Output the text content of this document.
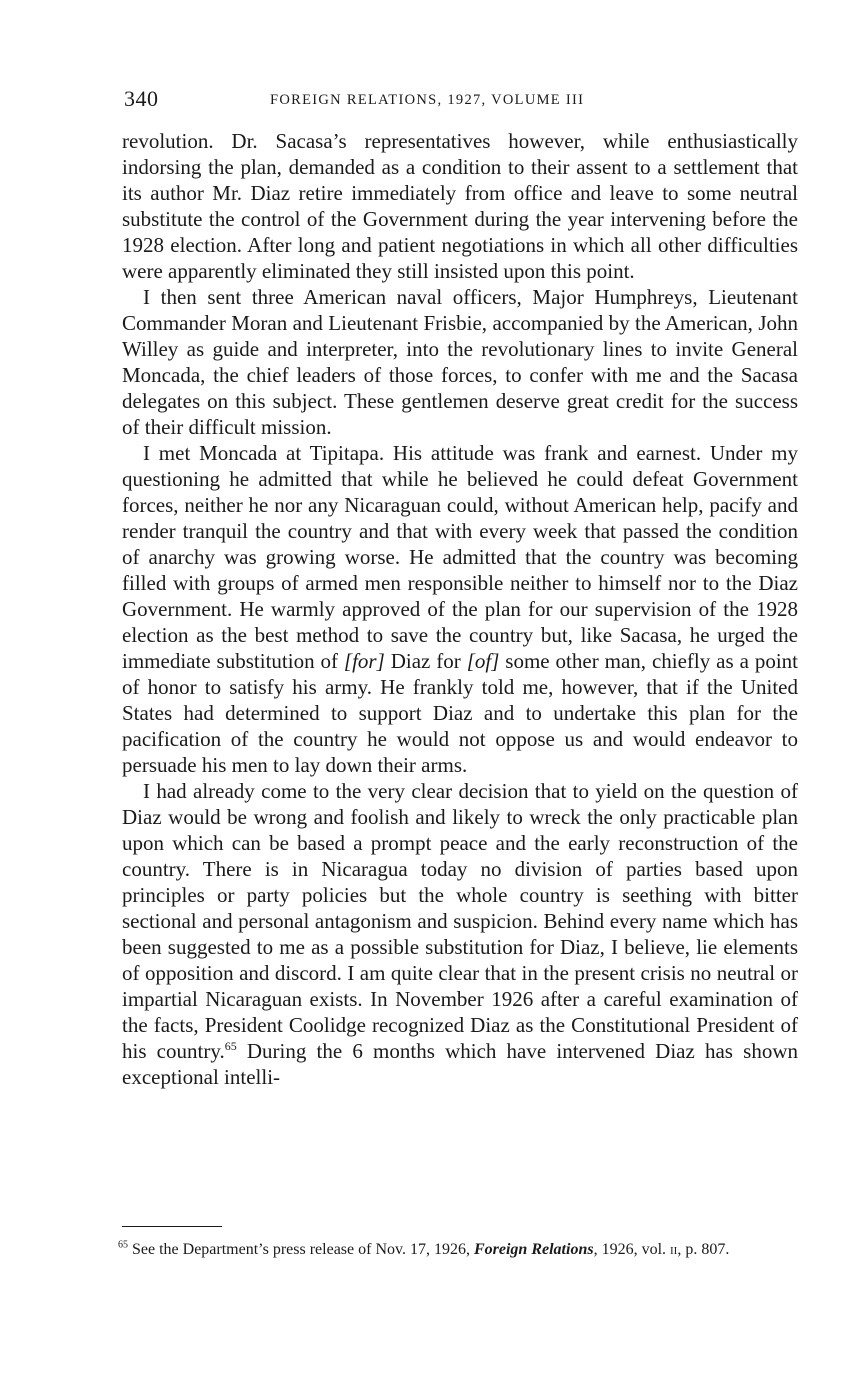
340	FOREIGN RELATIONS, 1927, VOLUME III

revolution. Dr. Sacasa’s representatives however, while enthusiastically indorsing the plan, demanded as a condition to their assent to a settlement that its author Mr. Diaz retire immediately from office and leave to some neutral substitute the control of the Government during the year intervening before the 1928 election. After long and patient negotiations in which all other difficulties were apparently eliminated they still insisted upon this point.

I then sent three American naval officers, Major Humphreys, Lieutenant Commander Moran and Lieutenant Frisbie, accompanied by the American, John Willey as guide and interpreter, into the revolutionary lines to invite General Moncada, the chief leaders of those forces, to confer with me and the Sacasa delegates on this subject. These gentlemen deserve great credit for the success of their difficult mission.

I met Moncada at Tipitapa. His attitude was frank and earnest. Under my questioning he admitted that while he believed he could defeat Government forces, neither he nor any Nicaraguan could, without American help, pacify and render tranquil the country and that with every week that passed the condition of anarchy was growing worse. He admitted that the country was becoming filled with groups of armed men responsible neither to himself nor to the Diaz Government. He warmly approved of the plan for our supervision of the 1928 election as the best method to save the country but, like Sacasa, he urged the immediate substitution of [for] Diaz for [of] some other man, chiefly as a point of honor to satisfy his army. He frankly told me, however, that if the United States had determined to support Diaz and to undertake this plan for the pacification of the country he would not oppose us and would endeavor to persuade his men to lay down their arms.

I had already come to the very clear decision that to yield on the question of Diaz would be wrong and foolish and likely to wreck the only practicable plan upon which can be based a prompt peace and the early reconstruction of the country. There is in Nicaragua today no division of parties based upon principles or party policies but the whole country is seething with bitter sectional and personal antagonism and suspicion. Behind every name which has been suggested to me as a possible substitution for Diaz, I believe, lie elements of opposition and discord. I am quite clear that in the present crisis no neutral or impartial Nicaraguan exists. In November 1926 after a careful examination of the facts, President Coolidge recognized Diaz as the Constitutional President of his country.$^{65}$ During the 6 months which have intervened Diaz has shown exceptional intelli-

$^{65}$ See the Department’s press release of Nov. 17, 1926, Foreign Relations, 1926, vol. ii, p. 807.
